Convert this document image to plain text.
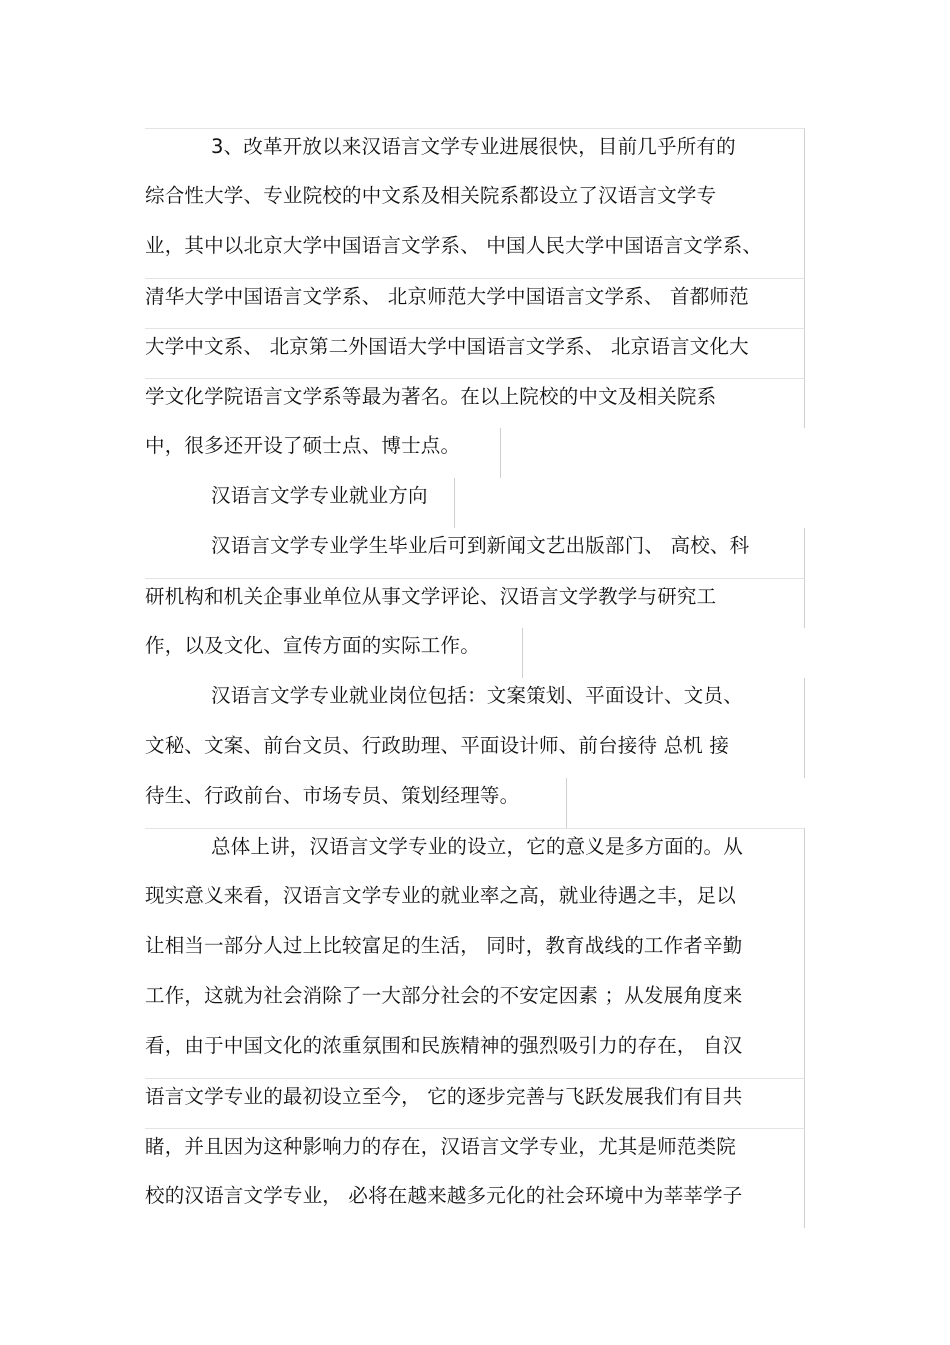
3、改革开放以来汉语言文学专业进展很快，目前几乎所有的
综合性大学、专业院校的中文系及相关院系都设立了汉语言文学专
业，其中以北京大学中国语言文学系、 中国人民大学中国语言文学系、
清华大学中国语言文学系、 北京师范大学中国语言文学系、 首都师范
大学中文系、 北京第二外国语大学中国语言文学系、 北京语言文化大
学文化学院语言文学系等最为著名。在以上院校的中文及相关院系
中，很多还开设了硕士点、博士点。
汉语言文学专业就业方向
汉语言文学专业学生毕业后可到新闻文艺出版部门、 高校、科
研机构和机关企事业单位从事文学评论、汉语言文学教学与研究工
作，以及文化、宣传方面的实际工作。
汉语言文学专业就业岗位包括：文案策划、平面设计、文员、
文秘、文案、前台文员、行政助理、平面设计师、前台接待 总机 接
待生、行政前台、市场专员、策划经理等。
总体上讲，汉语言文学专业的设立，它的意义是多方面的。从
现实意义来看，汉语言文学专业的就业率之高，就业待遇之丰，足以
让相当一部分人过上比较富足的生活， 同时，教育战线的工作者辛勤
工作，这就为社会消除了一大部分社会的不安定因素 ；从发展角度来
看，由于中国文化的浓重氛围和民族精神的强烈吸引力的存在， 自汉
语言文学专业的最初设立至今， 它的逐步完善与飞跃发展我们有目共
睹，并且因为这种影响力的存在，汉语言文学专业，尤其是师范类院
校的汉语言文学专业， 必将在越来越多元化的社会环境中为莘莘学子
